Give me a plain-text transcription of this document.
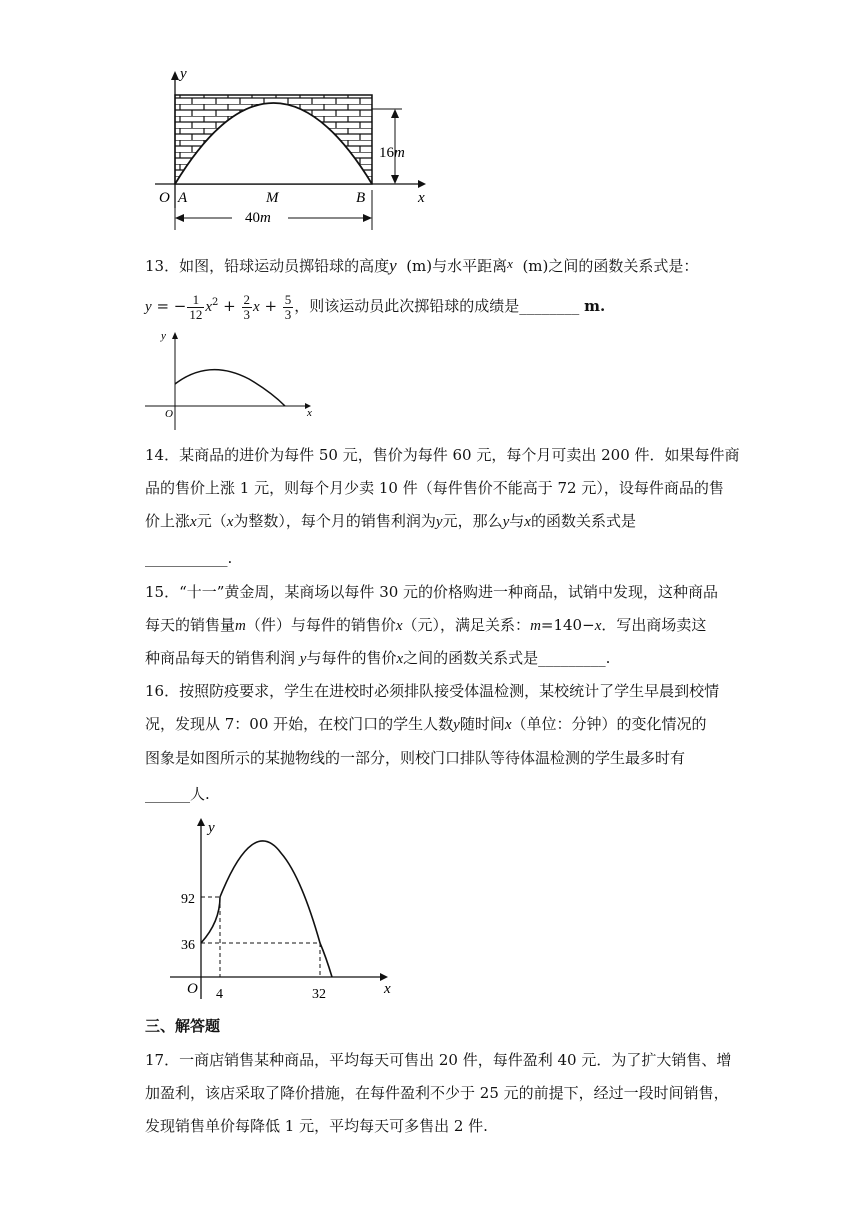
y
x
O A	M	B
16m
40m
13．如图，铅球运动员掷铅球的高度y (m)与水平距离x (m)之间的函数关系式是：
y = − $\frac{1}{12} x^2 + \frac{2}{3}$ $x + \frac{5}{3}$ ，则该运动员此次掷铅球的成绩是________ m.
y
x
O
14．某商品的进价为每件 50 元，售价为每件 60 元，每个月可卖出 200 件．如果每件商
品的售价上涨 1 元，则每个月少卖 10 件（每件售价不能高于 72 元），设每件商品的售
价上涨x元（x为整数），每个月的销售利润为y元，那么y与x的函数关系式是
___________.
15．“十一”黄金周，某商场以每件 30 元的价格购进一种商品，试销中发现，这种商品
每天的销售量m（件）与每件的销售价x（元），满足关系：m=140−x．写出商场卖这
种商品每天的销售利润 y与每件的售价x之间的函数关系式是_________.
16．按照防疫要求，学生在进校时必须排队接受体温检测，某校统计了学生早晨到校情
况，发现从 7：00 开始，在校门口的学生人数y随时间x（单位：分钟）的变化情况的
图象是如图所示的某抛物线的一部分，则校门口排队等待体温检测的学生最多时有
______人.
y
x
O
92
36
4	32
三、解答题
17．一商店销售某种商品，平均每天可售出 20 件，每件盈利 40 元．为了扩大销售、增
加盈利，该店采取了降价措施，在每件盈利不少于 25 元的前提下，经过一段时间销售，
发现销售单价每降低 1 元，平均每天可多售出 2 件.
